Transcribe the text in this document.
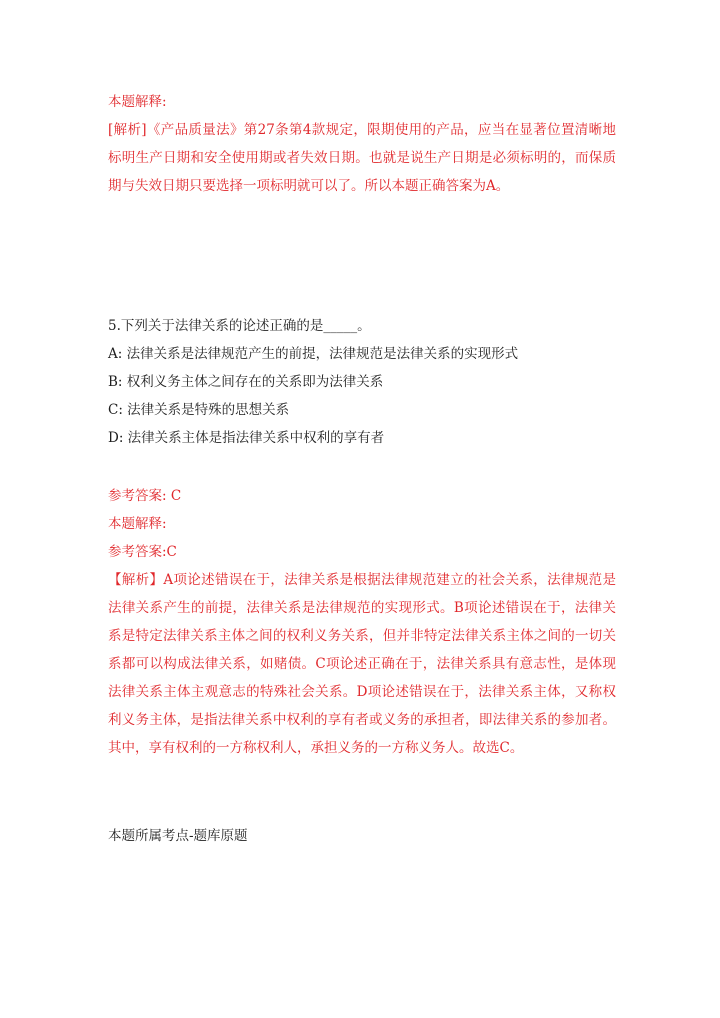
本题解释:

[解析]《产品质量法》第27条第4款规定，限期使用的产品，应当在显著位置清晰地标明生产日期和安全使用期或者失效日期。也就是说生产日期是必须标明的，而保质期与失效日期只要选择一项标明就可以了。所以本题正确答案为A。

5.下列关于法律关系的论述正确的是_____。

A: 法律关系是法律规范产生的前提，法律规范是法律关系的实现形式

B: 权利义务主体之间存在的关系即为法律关系

C: 法律关系是特殊的思想关系

D: 法律关系主体是指法律关系中权利的享有者

参考答案: C

本题解释:

参考答案:C

【解析】A项论述错误在于，法律关系是根据法律规范建立的社会关系，法律规范是法律关系产生的前提，法律关系是法律规范的实现形式。B项论述错误在于，法律关系是特定法律关系主体之间的权利义务关系，但并非特定法律关系主体之间的一切关系都可以构成法律关系，如赌债。C项论述正确在于，法律关系具有意志性，是体现法律关系主体主观意志的特殊社会关系。D项论述错误在于，法律关系主体，又称权利义务主体，是指法律关系中权利的享有者或义务的承担者，即法律关系的参加者。其中，享有权利的一方称权利人，承担义务的一方称义务人。故选C。

本题所属考点-题库原题
